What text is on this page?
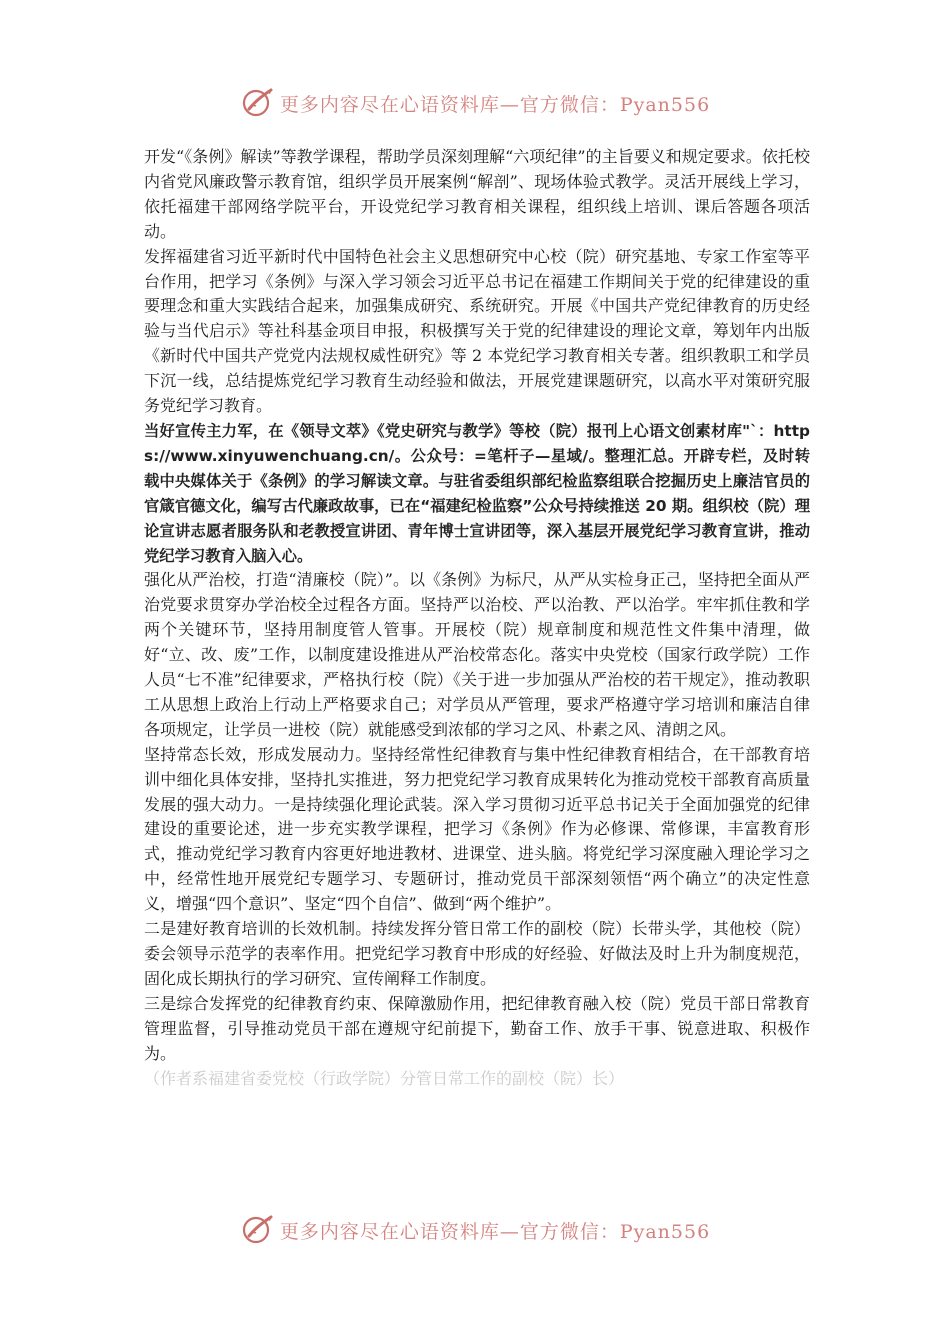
更多内容尽在心语资料库—官方微信：Pyan556

开发“《条例》解读”等教学课程，帮助学员深刻理解“六项纪律”的主旨要义和规定要求。依托校内省党风廉政警示教育馆，组织学员开展案例“解剖”、现场体验式教学。灵活开展线上学习，依托福建干部网络学院平台，开设党纪学习教育相关课程，组织线上培训、课后答题各项活动。

发挥福建省习近平新时代中国特色社会主义思想研究中心校（院）研究基地、专家工作室等平台作用，把学习《条例》与深入学习领会习近平总书记在福建工作期间关于党的纪律建设的重要理念和重大实践结合起来，加强集成研究、系统研究。开展《中国共产党纪律教育的历史经验与当代启示》等社科基金项目申报，积极撰写关于党的纪律建设的理论文章，筹划年内出版《新时代中国共产党党内法规权威性研究》等 2 本党纪学习教育相关专著。组织教职工和学员下沉一线，总结提炼党纪学习教育生动经验和做法，开展党建课题研究，以高水平对策研究服务党纪学习教育。

当好宣传主力军，在《领导文萃》《党史研究与教学》等校（院）报刊上心语文创素材库"`：https://www.xinyuwenchuang.cn/。公众号：=笔杆子—星域/。整理汇总。开辟专栏，及时转载中央媒体关于《条例》的学习解读文章。与驻省委组织部纪检监察组联合挖掘历史上廉洁官员的官箴官德文化，编写古代廉政故事，已在“福建纪检监察”公众号持续推送 20 期。组织校（院）理论宣讲志愿者服务队和老教授宣讲团、青年博士宣讲团等，深入基层开展党纪学习教育宣讲，推动党纪学习教育入脑入心。

强化从严治校，打造“清廉校（院）”。以《条例》为标尺，从严从实检身正己，坚持把全面从严治党要求贯穿办学治校全过程各方面。坚持严以治校、严以治教、严以治学。牢牢抓住教和学两个关键环节，坚持用制度管人管事。开展校（院）规章制度和规范性文件集中清理，做好“立、改、废”工作，以制度建设推进从严治校常态化。落实中央党校（国家行政学院）工作人员“七不准”纪律要求，严格执行校（院）《关于进一步加强从严治校的若干规定》，推动教职工从思想上政治上行动上严格要求自己；对学员从严管理，要求严格遵守学习培训和廉洁自律各项规定，让学员一进校（院）就能感受到浓郁的学习之风、朴素之风、清朗之风。

坚持常态长效，形成发展动力。坚持经常性纪律教育与集中性纪律教育相结合，在干部教育培训中细化具体安排，坚持扎实推进，努力把党纪学习教育成果转化为推动党校干部教育高质量发展的强大动力。一是持续强化理论武装。深入学习贯彻习近平总书记关于全面加强党的纪律建设的重要论述，进一步充实教学课程，把学习《条例》作为必修课、常修课，丰富教育形式，推动党纪学习教育内容更好地进教材、进课堂、进头脑。将党纪学习深度融入理论学习之中，经常性地开展党纪专题学习、专题研讨，推动党员干部深刻领悟“两个确立”的决定性意义，增强“四个意识”、坚定“四个自信”、做到“两个维护”。

二是建好教育培训的长效机制。持续发挥分管日常工作的副校（院）长带头学，其他校（院）委会领导示范学的表率作用。把党纪学习教育中形成的好经验、好做法及时上升为制度规范，固化成长期执行的学习研究、宣传阐释工作制度。

三是综合发挥党的纪律教育约束、保障激励作用，把纪律教育融入校（院）党员干部日常教育管理监督，引导推动党员干部在遵规守纪前提下，勤奋工作、放手干事、锐意进取、积极作为。

（作者系福建省委党校（行政学院）分管日常工作的副校（院）长）

更多内容尽在心语资料库—官方微信：Pyan556
